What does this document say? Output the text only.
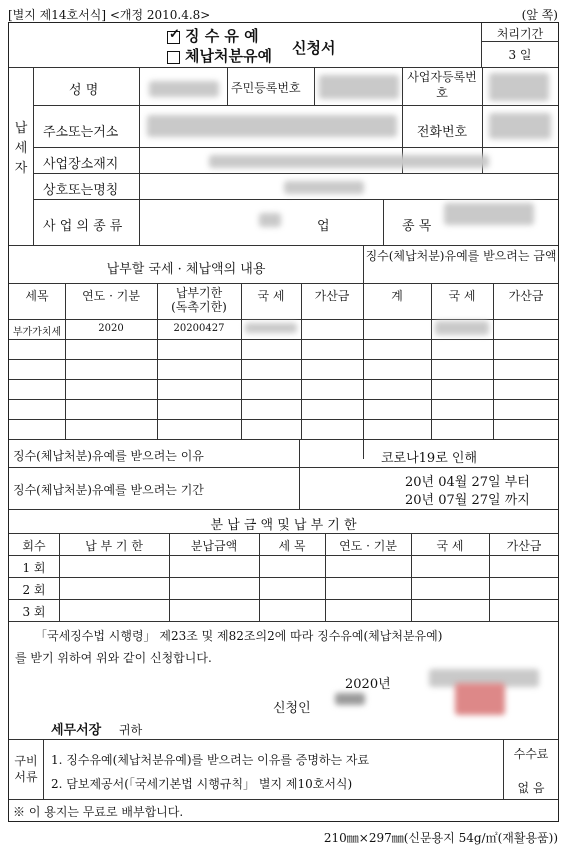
[별지 제14호서식] <개정 2010.4.8>	(앞 쪽)
✓징 수 유 예
체납처분유예 신청서
처리기간
3 일
납세자
성 명	주민등록번호
사업자등록번호
주소또는거소	전화번호
사업장소재지
상호또는명칭
사 업 의 종 류	업	종 목
납부할 국세 · 체납액의 내용
징수(체납처분)유예를 받으려는 금액
세목	연도 · 기분	납부기한
(독촉기한)
국 세	가산금	계	국 세	가산금
부가가치세	2020	20200427
징수(체납처분)유예를 받으려는 이유	코로나19로 인해
징수(체납처분)유예를 받으려는 기간	20년 04월 27일 부터
20년 07월 27일 까지
분 납 금 액 및 납 부 기 한
회수	납 부 기 한	분납금액	세 목	연도 · 기분	국 세	가산금
1 회
2 회
3 회
「국세징수법 시행령」 제23조 및 제82조의2에 따라 징수유예(체납처분유예)
를 받기 위하여 위와 같이 신청합니다.
2020년
신청인
세무서장 귀하
구비서류
1. 징수유예(체납처분유예)를 받으려는 이유를 증명하는 자료
2. 담보제공서(「국세기본법 시행규칙」 별지 제10호서식)
수수료
없 음
※ 이 용지는 무료로 배부합니다.
210㎜×297㎜(신문용지 54g/㎡(재활용품))
